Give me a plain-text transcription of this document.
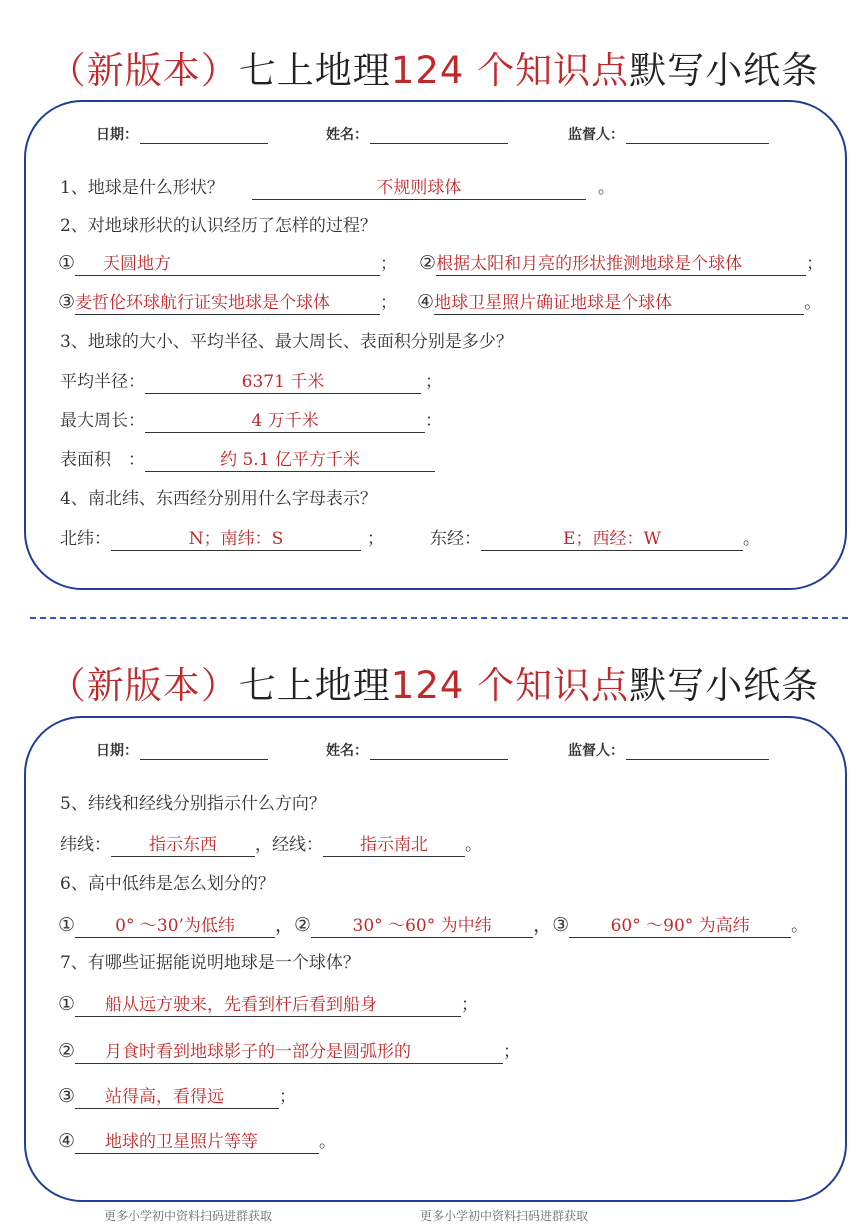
（新版本）七上地理124 个知识点默写小纸条
日期：	姓名：	监督人：
1、地球是什么形状？	不规则球体	。
2、对地球形状的认识经历了怎样的过程？
① 天圆地方	； ②根据太阳和月亮的形状推测地球是个球体	；
③麦哲伦环球航行证实地球是个球体	； ④地球卫星照片确证地球是个球体	。
3、地球的大小、平均半径、最大周长、表面积分别是多少？
平均半径：	6371 千米	；
最大周长：	4 万千米	：
表面积　：	约 5.1 亿平方千米
4、南北纬、东西经分别用什么字母表示？
北纬：	N；南纬：S	；	东经：	E；西经：W	。
（新版本）七上地理124 个知识点默写小纸条
日期：	姓名：	监督人：
5、纬线和经线分别指示什么方向？
纬线： 指示东西 ，经线： 指示南北 。
6、高中低纬是怎么划分的？
① 0° ～30’为低纬 ，② 30° ～60° 为中纬 ，③ 60° ～90° 为高纬 。
7、有哪些证据能说明地球是一个球体？
① 船从远方驶来，先看到杆后看到船身	；
② 月食时看到地球影子的一部分是圆弧形的	；
③ 站得高，看得远	；
④ 地球的卫星照片等等	。
更多小学初中资料扫码进群获取	更多小学初中资料扫码进群获取
